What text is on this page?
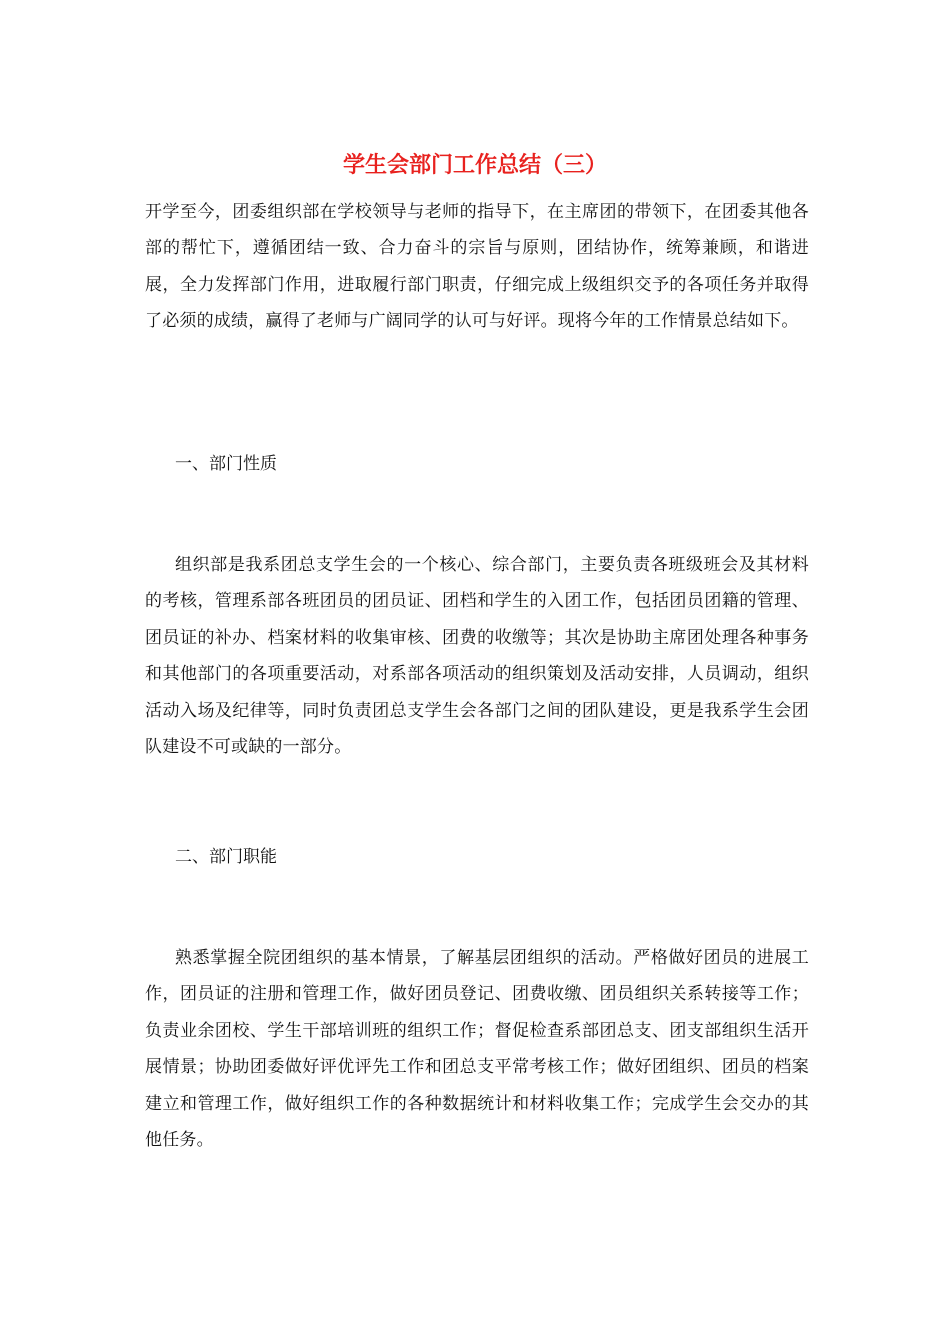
学生会部门工作总结（三）

开学至今，团委组织部在学校领导与老师的指导下，在主席团的带领下，在团委其他各部的帮忙下，遵循团结一致、合力奋斗的宗旨与原则，团结协作，统筹兼顾，和谐进展，全力发挥部门作用，进取履行部门职责，仔细完成上级组织交予的各项任务并取得了必须的成绩，赢得了老师与广阔同学的认可与好评。现将今年的工作情景总结如下。

一、部门性质

组织部是我系团总支学生会的一个核心、综合部门，主要负责各班级班会及其材料的考核，管理系部各班团员的团员证、团档和学生的入团工作，包括团员团籍的管理、团员证的补办、档案材料的收集审核、团费的收缴等；其次是协助主席团处理各种事务和其他部门的各项重要活动，对系部各项活动的组织策划及活动安排，人员调动，组织活动入场及纪律等，同时负责团总支学生会各部门之间的团队建设，更是我系学生会团队建设不可或缺的一部分。

二、部门职能

熟悉掌握全院团组织的基本情景，了解基层团组织的活动。严格做好团员的进展工作，团员证的注册和管理工作，做好团员登记、团费收缴、团员组织关系转接等工作；负责业余团校、学生干部培训班的组织工作；督促检查系部团总支、团支部组织生活开展情景；协助团委做好评优评先工作和团总支平常考核工作；做好团组织、团员的档案建立和管理工作，做好组织工作的各种数据统计和材料收集工作；完成学生会交办的其他任务。
